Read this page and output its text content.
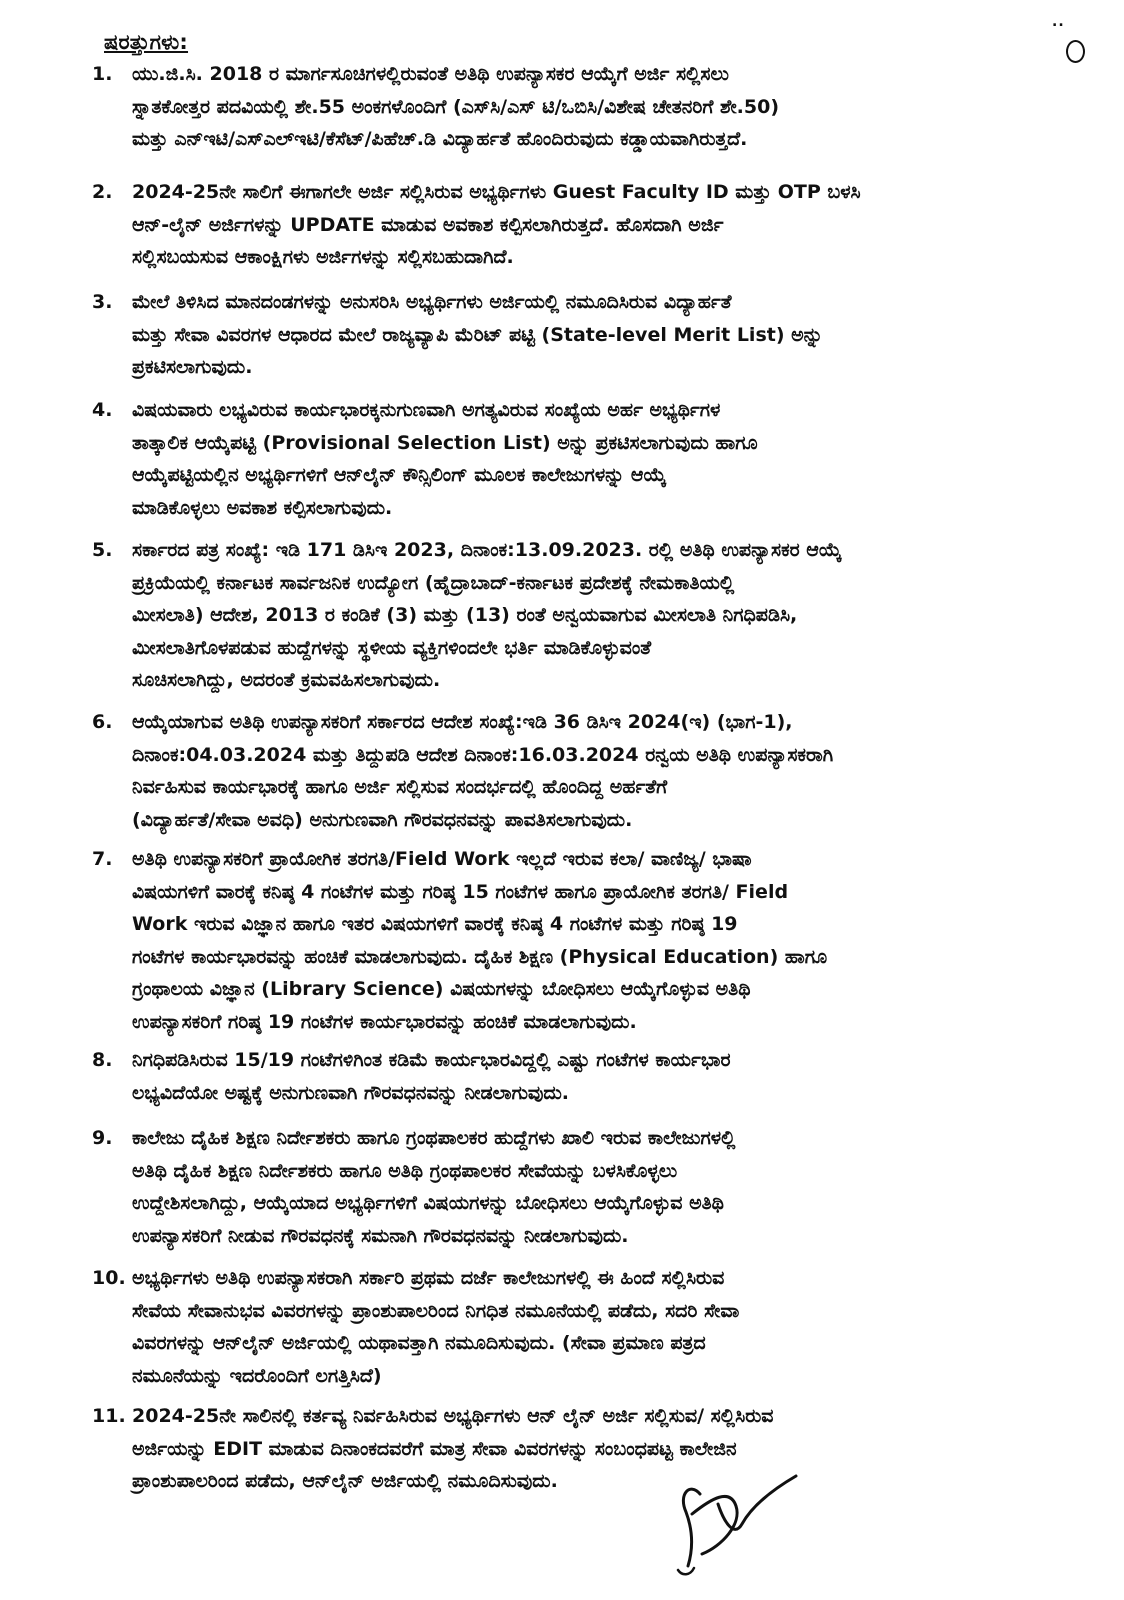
..
ಷರತ್ತುಗಳು:
1.	ಯು.ಜಿ.ಸಿ. 2018 ರ ಮಾರ್ಗಸೂಚಿಗಳಲ್ಲಿರುವಂತೆ ಅತಿಥಿ ಉಪನ್ಯಾಸಕರ ಆಯ್ಕೆಗೆ ಅರ್ಜಿ ಸಲ್ಲಿಸಲು
ಸ್ನಾತಕೋತ್ತರ ಪದವಿಯಲ್ಲಿ ಶೇ.55 ಅಂಕಗಳೊಂದಿಗೆ (ಎಸ್‌ಸಿ/ಎಸ್ ಟಿ/ಒಬಿಸಿ/ವಿಶೇಷ ಚೇತನರಿಗೆ ಶೇ.50)
ಮತ್ತು ಎನ್‌ಇಟಿ/ಎಸ್‌ಎಲ್‌ಇಟಿ/ಕೆಸೆಟ್/ಪಿಹೆಚ್.ಡಿ ವಿದ್ಯಾರ್ಹತೆ ಹೊಂದಿರುವುದು ಕಡ್ಡಾಯವಾಗಿರುತ್ತದೆ.
2.	2024-25ನೇ ಸಾಲಿಗೆ ಈಗಾಗಲೇ ಅರ್ಜಿ ಸಲ್ಲಿಸಿರುವ ಅಭ್ಯರ್ಥಿಗಳು Guest Faculty ID ಮತ್ತು OTP ಬಳಸಿ
ಆನ್-ಲೈನ್ ಅರ್ಜಿಗಳನ್ನು UPDATE ಮಾಡುವ ಅವಕಾಶ ಕಲ್ಪಿಸಲಾಗಿರುತ್ತದೆ. ಹೊಸದಾಗಿ ಅರ್ಜಿ
ಸಲ್ಲಿಸಬಯಸುವ ಆಕಾಂಕ್ಷಿಗಳು ಅರ್ಜಿಗಳನ್ನು ಸಲ್ಲಿಸಬಹುದಾಗಿದೆ.
3.	ಮೇಲೆ ತಿಳಿಸಿದ ಮಾನದಂಡಗಳನ್ನು ಅನುಸರಿಸಿ ಅಭ್ಯರ್ಥಿಗಳು ಅರ್ಜಿಯಲ್ಲಿ ನಮೂದಿಸಿರುವ ವಿದ್ಯಾರ್ಹತೆ
ಮತ್ತು ಸೇವಾ ವಿವರಗಳ ಆಧಾರದ ಮೇಲೆ ರಾಜ್ಯವ್ಯಾಪಿ ಮೆರಿಟ್ ಪಟ್ಟಿ (State-level Merit List) ಅನ್ನು
ಪ್ರಕಟಿಸಲಾಗುವುದು.
4.	ವಿಷಯವಾರು ಲಭ್ಯವಿರುವ ಕಾರ್ಯಭಾರಕ್ಕನುಗುಣವಾಗಿ ಅಗತ್ಯವಿರುವ ಸಂಖ್ಯೆಯ ಅರ್ಹ ಅಭ್ಯರ್ಥಿಗಳ
ತಾತ್ಕಾಲಿಕ ಆಯ್ಕೆಪಟ್ಟಿ (Provisional Selection List) ಅನ್ನು ಪ್ರಕಟಿಸಲಾಗುವುದು ಹಾಗೂ
ಆಯ್ಕೆಪಟ್ಟಿಯಲ್ಲಿನ ಅಭ್ಯರ್ಥಿಗಳಿಗೆ ಆನ್‌ಲೈನ್ ಕೌನ್ಸಿಲಿಂಗ್ ಮೂಲಕ ಕಾಲೇಜುಗಳನ್ನು ಆಯ್ಕೆ
ಮಾಡಿಕೊಳ್ಳಲು ಅವಕಾಶ ಕಲ್ಪಿಸಲಾಗುವುದು.
5.	ಸರ್ಕಾರದ ಪತ್ರ ಸಂಖ್ಯೆ: ಇಡಿ 171 ಡಿಸಿಇ 2023, ದಿನಾಂಕ:13.09.2023. ರಲ್ಲಿ ಅತಿಥಿ ಉಪನ್ಯಾಸಕರ ಆಯ್ಕೆ
ಪ್ರಕ್ರಿಯೆಯಲ್ಲಿ ಕರ್ನಾಟಕ ಸಾರ್ವಜನಿಕ ಉದ್ಯೋಗ (ಹೈದ್ರಾಬಾದ್-ಕರ್ನಾಟಕ ಪ್ರದೇಶಕ್ಕೆ ನೇಮಕಾತಿಯಲ್ಲಿ
ಮೀಸಲಾತಿ) ಆದೇಶ, 2013 ರ ಕಂಡಿಕೆ (3) ಮತ್ತು (13) ರಂತೆ ಅನ್ವಯವಾಗುವ ಮೀಸಲಾತಿ ನಿಗಧಿಪಡಿಸಿ,
ಮೀಸಲಾತಿಗೊಳಪಡುವ ಹುದ್ದೆಗಳನ್ನು ಸ್ಥಳೀಯ ವ್ಯಕ್ತಿಗಳಿಂದಲೇ ಭರ್ತಿ ಮಾಡಿಕೊಳ್ಳುವಂತೆ
ಸೂಚಿಸಲಾಗಿದ್ದು, ಅದರಂತೆ ಕ್ರಮವಹಿಸಲಾಗುವುದು.
6.	ಆಯ್ಕೆಯಾಗುವ ಅತಿಥಿ ಉಪನ್ಯಾಸಕರಿಗೆ ಸರ್ಕಾರದ ಆದೇಶ ಸಂಖ್ಯೆ:ಇಡಿ 36 ಡಿಸಿಇ 2024(ಇ) (ಭಾಗ-1),
ದಿನಾಂಕ:04.03.2024 ಮತ್ತು ತಿದ್ದುಪಡಿ ಆದೇಶ ದಿನಾಂಕ:16.03.2024 ರನ್ವಯ ಅತಿಥಿ ಉಪನ್ಯಾಸಕರಾಗಿ
ನಿರ್ವಹಿಸುವ ಕಾರ್ಯಭಾರಕ್ಕೆ ಹಾಗೂ ಅರ್ಜಿ ಸಲ್ಲಿಸುವ ಸಂದರ್ಭದಲ್ಲಿ ಹೊಂದಿದ್ದ ಅರ್ಹತೆಗೆ
(ವಿದ್ಯಾರ್ಹತೆ/ಸೇವಾ ಅವಧಿ) ಅನುಗುಣವಾಗಿ ಗೌರವಧನವನ್ನು ಪಾವತಿಸಲಾಗುವುದು.
7.	ಅತಿಥಿ ಉಪನ್ಯಾಸಕರಿಗೆ ಪ್ರಾಯೋಗಿಕ ತರಗತಿ/Field Work ಇಲ್ಲದೆ ಇರುವ ಕಲಾ/ ವಾಣಿಜ್ಯ/ ಭಾಷಾ
ವಿಷಯಗಳಿಗೆ ವಾರಕ್ಕೆ ಕನಿಷ್ಠ 4 ಗಂಟೆಗಳ ಮತ್ತು ಗರಿಷ್ಠ 15 ಗಂಟೆಗಳ ಹಾಗೂ ಪ್ರಾಯೋಗಿಕ ತರಗತಿ/ Field
Work ಇರುವ ವಿಜ್ಞಾನ ಹಾಗೂ ಇತರ ವಿಷಯಗಳಿಗೆ ವಾರಕ್ಕೆ ಕನಿಷ್ಠ 4 ಗಂಟೆಗಳ ಮತ್ತು ಗರಿಷ್ಠ 19
ಗಂಟೆಗಳ ಕಾರ್ಯಭಾರವನ್ನು ಹಂಚಿಕೆ ಮಾಡಲಾಗುವುದು. ದೈಹಿಕ ಶಿಕ್ಷಣ (Physical Education) ಹಾಗೂ
ಗ್ರಂಥಾಲಯ ವಿಜ್ಞಾನ (Library Science) ವಿಷಯಗಳನ್ನು ಬೋಧಿಸಲು ಆಯ್ಕೆಗೊಳ್ಳುವ ಅತಿಥಿ
ಉಪನ್ಯಾಸಕರಿಗೆ ಗರಿಷ್ಠ 19 ಗಂಟೆಗಳ ಕಾರ್ಯಭಾರವನ್ನು ಹಂಚಿಕೆ ಮಾಡಲಾಗುವುದು.
8.	ನಿಗಧಿಪಡಿಸಿರುವ 15/19 ಗಂಟೆಗಳಿಗಿಂತ ಕಡಿಮೆ ಕಾರ್ಯಭಾರವಿದ್ದಲ್ಲಿ ಎಷ್ಟು ಗಂಟೆಗಳ ಕಾರ್ಯಭಾರ
ಲಭ್ಯವಿದೆಯೋ ಅಷ್ಟಕ್ಕೆ ಅನುಗುಣವಾಗಿ ಗೌರವಧನವನ್ನು ನೀಡಲಾಗುವುದು.
9.	ಕಾಲೇಜು ದೈಹಿಕ ಶಿಕ್ಷಣ ನಿರ್ದೇಶಕರು ಹಾಗೂ ಗ್ರಂಥಪಾಲಕರ ಹುದ್ದೆಗಳು ಖಾಲಿ ಇರುವ ಕಾಲೇಜುಗಳಲ್ಲಿ
ಅತಿಥಿ ದೈಹಿಕ ಶಿಕ್ಷಣ ನಿರ್ದೇಶಕರು ಹಾಗೂ ಅತಿಥಿ ಗ್ರಂಥಪಾಲಕರ ಸೇವೆಯನ್ನು ಬಳಸಿಕೊಳ್ಳಲು
ಉದ್ದೇಶಿಸಲಾಗಿದ್ದು, ಆಯ್ಕೆಯಾದ ಅಭ್ಯರ್ಥಿಗಳಿಗೆ ವಿಷಯಗಳನ್ನು ಬೋಧಿಸಲು ಆಯ್ಕೆಗೊಳ್ಳುವ ಅತಿಥಿ
ಉಪನ್ಯಾಸಕರಿಗೆ ನೀಡುವ ಗೌರವಧನಕ್ಕೆ ಸಮನಾಗಿ ಗೌರವಧನವನ್ನು ನೀಡಲಾಗುವುದು.
10. ಅಭ್ಯರ್ಥಿಗಳು ಅತಿಥಿ ಉಪನ್ಯಾಸಕರಾಗಿ ಸರ್ಕಾರಿ ಪ್ರಥಮ ದರ್ಜೆ ಕಾಲೇಜುಗಳಲ್ಲಿ ಈ ಹಿಂದೆ ಸಲ್ಲಿಸಿರುವ
ಸೇವೆಯ ಸೇವಾನುಭವ ವಿವರಗಳನ್ನು ಪ್ರಾಂಶುಪಾಲರಿಂದ ನಿಗಧಿತ ನಮೂನೆಯಲ್ಲಿ ಪಡೆದು, ಸದರಿ ಸೇವಾ
ವಿವರಗಳನ್ನು ಆನ್‌ಲೈನ್ ಅರ್ಜಿಯಲ್ಲಿ ಯಥಾವತ್ತಾಗಿ ನಮೂದಿಸುವುದು. (ಸೇವಾ ಪ್ರಮಾಣ ಪತ್ರದ
ನಮೂನೆಯನ್ನು ಇದರೊಂದಿಗೆ ಲಗತ್ತಿಸಿದೆ)
11. 2024-25ನೇ ಸಾಲಿನಲ್ಲಿ ಕರ್ತವ್ಯ ನಿರ್ವಹಿಸಿರುವ ಅಭ್ಯರ್ಥಿಗಳು ಆನ್ ಲೈನ್ ಅರ್ಜಿ ಸಲ್ಲಿಸುವ/ ಸಲ್ಲಿಸಿರುವ
ಅರ್ಜಿಯನ್ನು EDIT ಮಾಡುವ ದಿನಾಂಕದವರೆಗೆ ಮಾತ್ರ ಸೇವಾ ವಿವರಗಳನ್ನು ಸಂಬಂಧಪಟ್ಟ ಕಾಲೇಜಿನ
ಪ್ರಾಂಶುಪಾಲರಿಂದ ಪಡೆದು, ಆನ್‌ಲೈನ್ ಅರ್ಜಿಯಲ್ಲಿ ನಮೂದಿಸುವುದು.
